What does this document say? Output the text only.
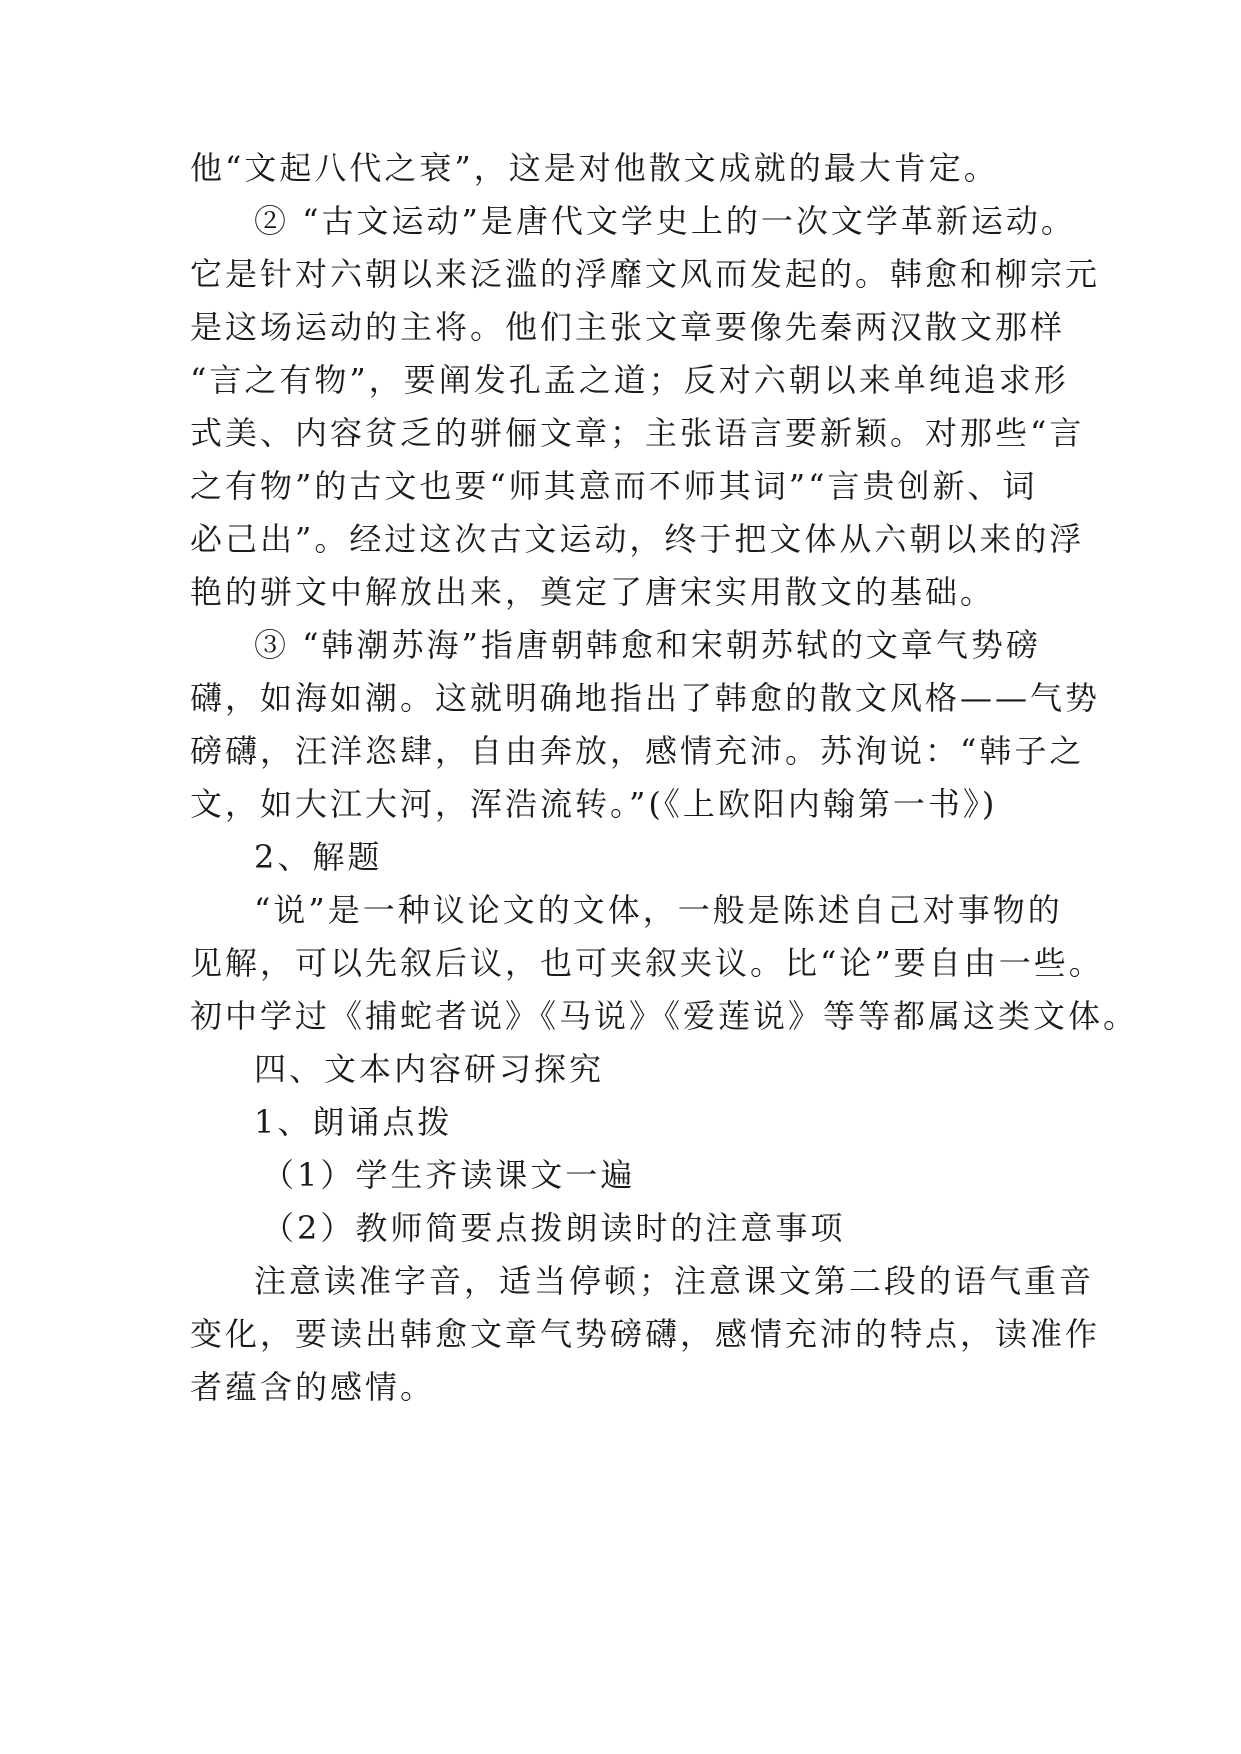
他“文起八代之衰”，这是对他散文成就的最大肯定。
② “古文运动”是唐代文学史上的一次文学革新运动。
它是针对六朝以来泛滥的浮靡文风而发起的。韩愈和柳宗元
是这场运动的主将。他们主张文章要像先秦两汉散文那样
“言之有物”，要阐发孔孟之道；反对六朝以来单纯追求形
式美、内容贫乏的骈俪文章；主张语言要新颖。对那些“言
之有物”的古文也要“师其意而不师其词”“言贵创新、词
必己出”。经过这次古文运动，终于把文体从六朝以来的浮
艳的骈文中解放出来，奠定了唐宋实用散文的基础。
③ “韩潮苏海”指唐朝韩愈和宋朝苏轼的文章气势磅
礴，如海如潮。这就明确地指出了韩愈的散文风格——气势
磅礴，汪洋恣肆，自由奔放，感情充沛。苏洵说：“韩子之
文，如大江大河，浑浩流转。”(《上欧阳内翰第一书》)
2、解题
“说”是一种议论文的文体，一般是陈述自己对事物的
见解，可以先叙后议，也可夹叙夹议。比“论”要自由一些。
初中学过《捕蛇者说》《马说》《爱莲说》等等都属这类文体。
四、文本内容研习探究
1、朗诵点拨
（1）学生齐读课文一遍
（2）教师简要点拨朗读时的注意事项
注意读准字音，适当停顿；注意课文第二段的语气重音
变化，要读出韩愈文章气势磅礴，感情充沛的特点，读准作
者蕴含的感情。
